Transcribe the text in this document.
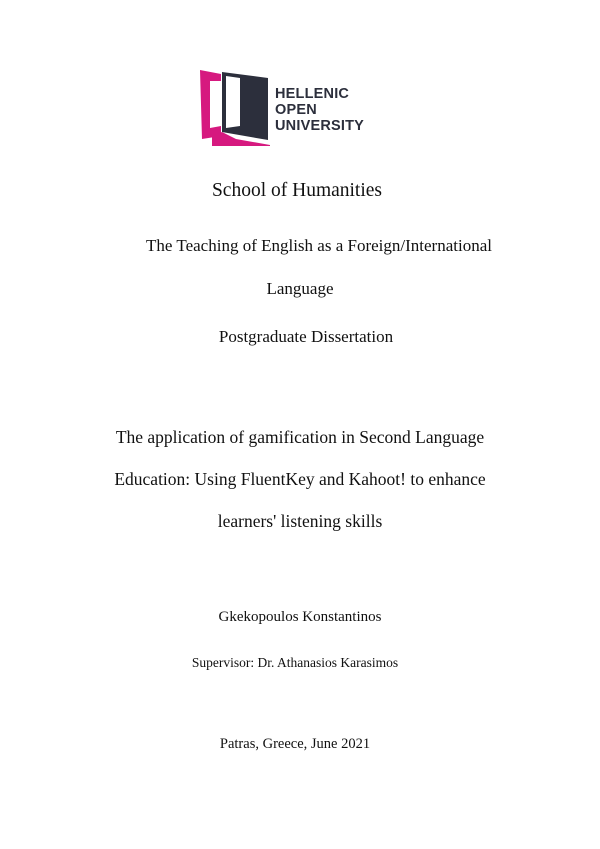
HELLENIC
OPEN
UNIVERSITY
School of Humanities
The Teaching of English as a Foreign/International
Language
Postgraduate Dissertation
The application of gamification in Second Language
Education: Using FluentKey and Kahoot! to enhance
learners' listening skills
Gkekopoulos Konstantinos
Supervisor: Dr. Athanasios Karasimos
Patras, Greece, June 2021
